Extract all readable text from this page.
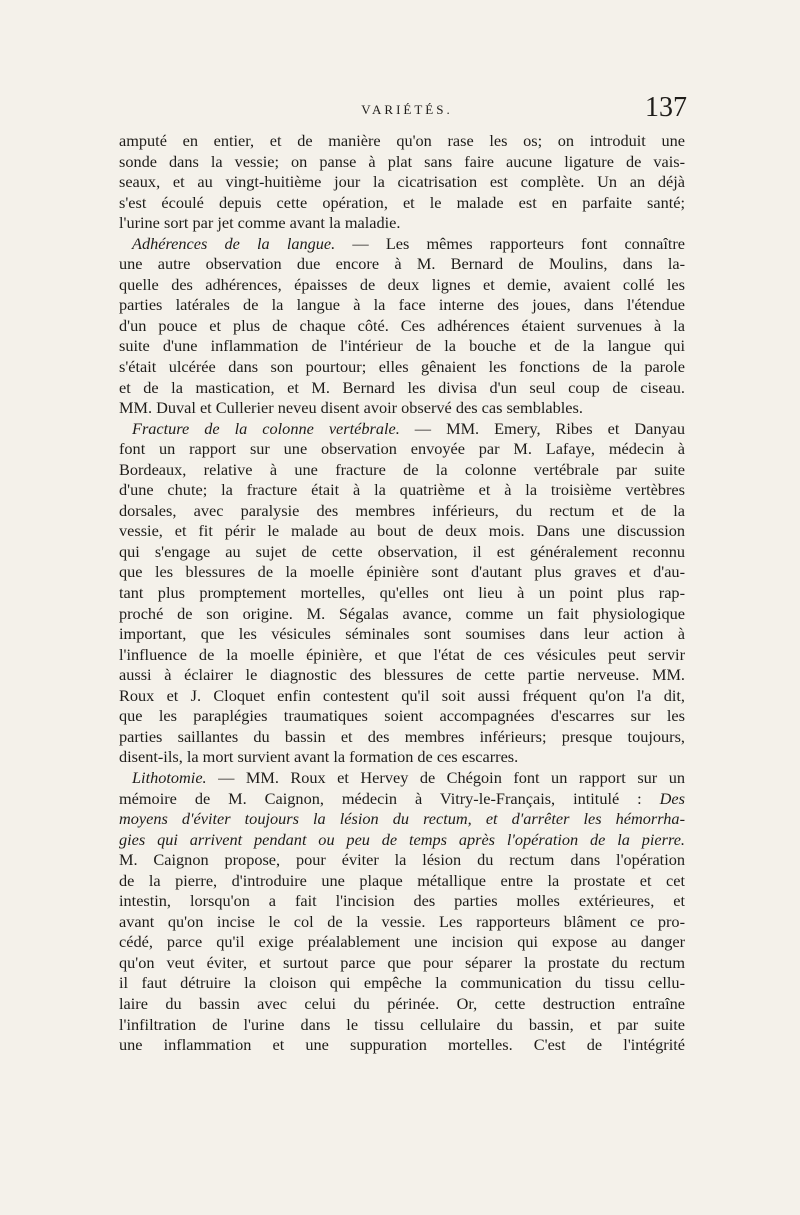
VARIÉTÉS.	137
amputé en entier, et de manière qu'on rase les os; on introduit une
sonde dans la vessie; on panse à plat sans faire aucune ligature de vais-
seaux, et au vingt-huitième jour la cicatrisation est complète. Un an déjà
s'est écoulé depuis cette opération, et le malade est en parfaite santé;
l'urine sort par jet comme avant la maladie.
Adhérences de la langue. — Les mêmes rapporteurs font connaître
une autre observation due encore à M. Bernard de Moulins, dans la-
quelle des adhérences, épaisses de deux lignes et demie, avaient collé les
parties latérales de la langue à la face interne des joues, dans l'étendue
d'un pouce et plus de chaque côté. Ces adhérences étaient survenues à la
suite d'une inflammation de l'intérieur de la bouche et de la langue qui
s'était ulcérée dans son pourtour; elles gênaient les fonctions de la parole
et de la mastication, et M. Bernard les divisa d'un seul coup de ciseau.
MM. Duval et Cullerier neveu disent avoir observé des cas semblables.
Fracture de la colonne vertébrale. — MM. Emery, Ribes et Danyau
font un rapport sur une observation envoyée par M. Lafaye, médecin à
Bordeaux, relative à une fracture de la colonne vertébrale par suite
d'une chute; la fracture était à la quatrième et à la troisième vertèbres
dorsales, avec paralysie des membres inférieurs, du rectum et de la
vessie, et fit périr le malade au bout de deux mois. Dans une discussion
qui s'engage au sujet de cette observation, il est généralement reconnu
que les blessures de la moelle épinière sont d'autant plus graves et d'au-
tant plus promptement mortelles, qu'elles ont lieu à un point plus rap-
proché de son origine. M. Ségalas avance, comme un fait physiologique
important, que les vésicules séminales sont soumises dans leur action à
l'influence de la moelle épinière, et que l'état de ces vésicules peut servir
aussi à éclairer le diagnostic des blessures de cette partie nerveuse. MM.
Roux et J. Cloquet enfin contestent qu'il soit aussi fréquent qu'on l'a dit,
que les paraplégies traumatiques soient accompagnées d'escarres sur les
parties saillantes du bassin et des membres inférieurs; presque toujours,
disent-ils, la mort survient avant la formation de ces escarres.
Lithotomie. — MM. Roux et Hervey de Chégoin font un rapport sur un
mémoire de M. Caignon, médecin à Vitry-le-Français, intitulé : Des
moyens d'éviter toujours la lésion du rectum, et d'arrêter les hémorrha-
gies qui arrivent pendant ou peu de temps après l'opération de la pierre.
M. Caignon propose, pour éviter la lésion du rectum dans l'opération
de la pierre, d'introduire une plaque métallique entre la prostate et cet
intestin, lorsqu'on a fait l'incision des parties molles extérieures, et
avant qu'on incise le col de la vessie. Les rapporteurs blâment ce pro-
cédé, parce qu'il exige préalablement une incision qui expose au danger
qu'on veut éviter, et surtout parce que pour séparer la prostate du rectum
il faut détruire la cloison qui empêche la communication du tissu cellu-
laire du bassin avec celui du périnée. Or, cette destruction entraîne
l'infiltration de l'urine dans le tissu cellulaire du bassin, et par suite
une inflammation et une suppuration mortelles. C'est de l'intégrité
